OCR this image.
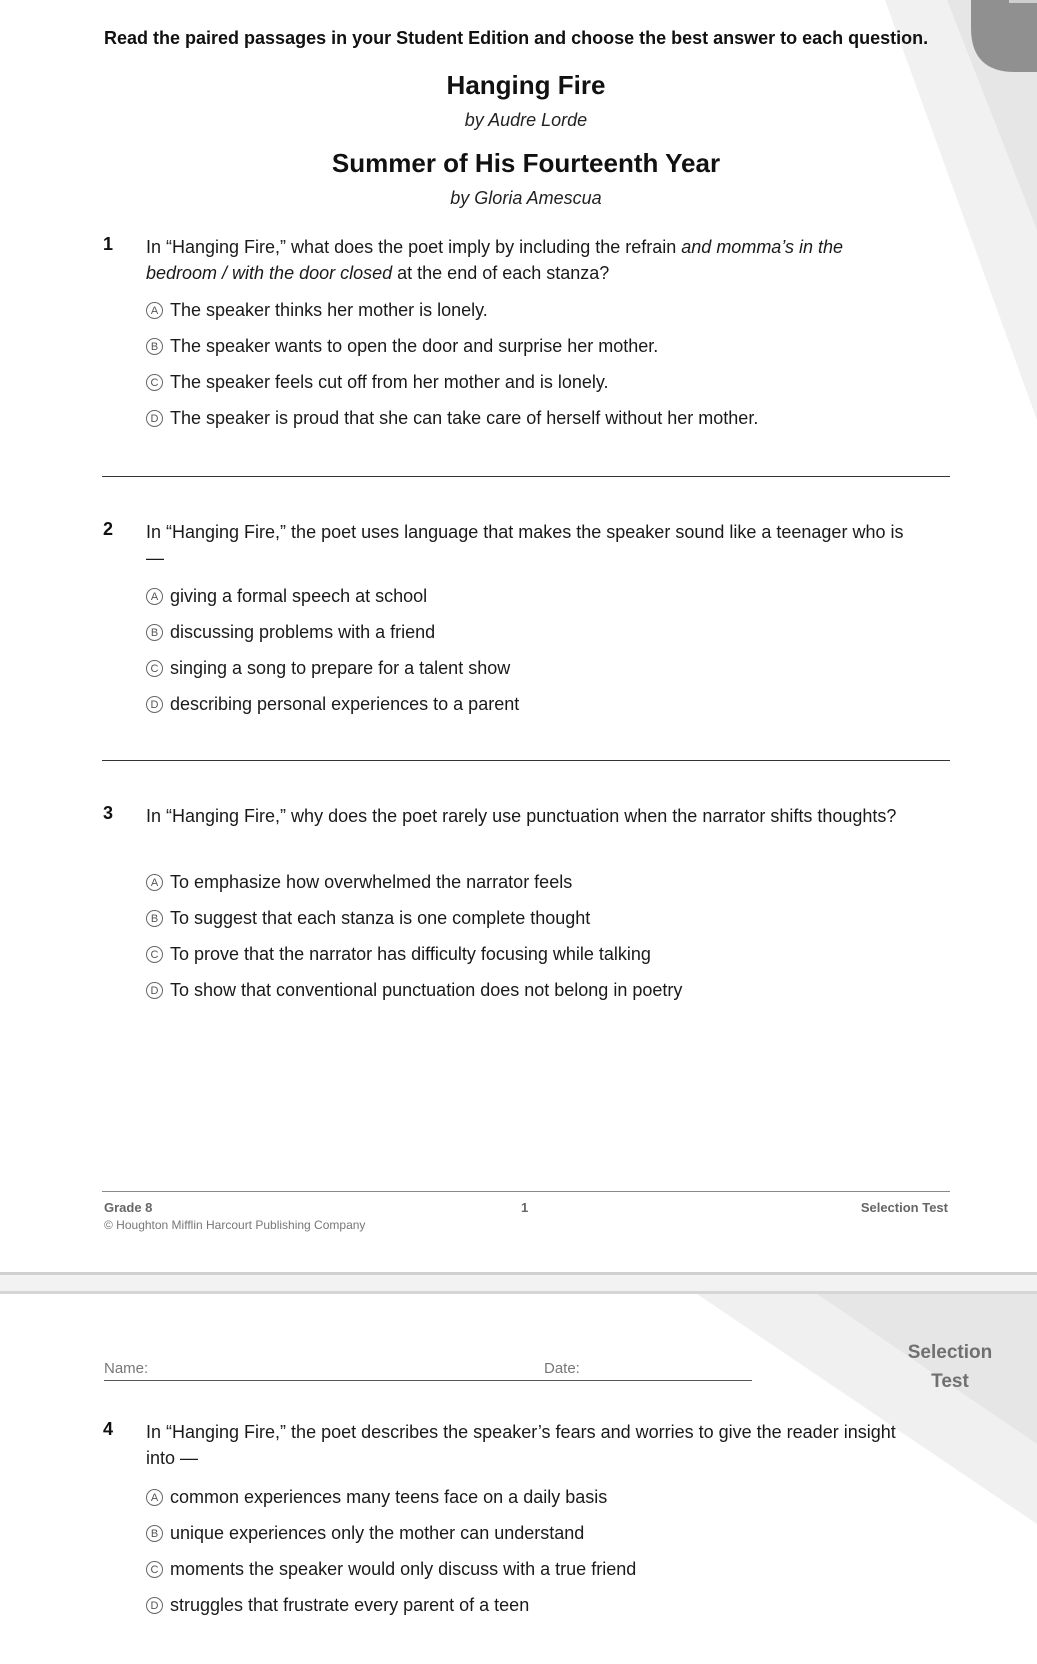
Read the paired passages in your Student Edition and choose the best answer to each question.
Hanging Fire
by Audre Lorde
Summer of His Fourteenth Year
by Gloria Amescua
1 In “Hanging Fire,” what does the poet imply by including the refrain and momma’s in the bedroom / with the door closed at the end of each stanza?
A The speaker thinks her mother is lonely.
B The speaker wants to open the door and surprise her mother.
C The speaker feels cut off from her mother and is lonely.
D The speaker is proud that she can take care of herself without her mother.
2 In “Hanging Fire,” the poet uses language that makes the speaker sound like a teenager who is —
A giving a formal speech at school
B discussing problems with a friend
C singing a song to prepare for a talent show
D describing personal experiences to a parent
3 In “Hanging Fire,” why does the poet rarely use punctuation when the narrator shifts thoughts?
A To emphasize how overwhelmed the narrator feels
B To suggest that each stanza is one complete thought
C To prove that the narrator has difficulty focusing while talking
D To show that conventional punctuation does not belong in poetry
Grade 8
© Houghton Mifflin Harcourt Publishing Company
1	Selection Test
Name:	Date:
Selection
Test
4 In “Hanging Fire,” the poet describes the speaker’s fears and worries to give the reader insight into —
A common experiences many teens face on a daily basis
B unique experiences only the mother can understand
C moments the speaker would only discuss with a true friend
D struggles that frustrate every parent of a teen
